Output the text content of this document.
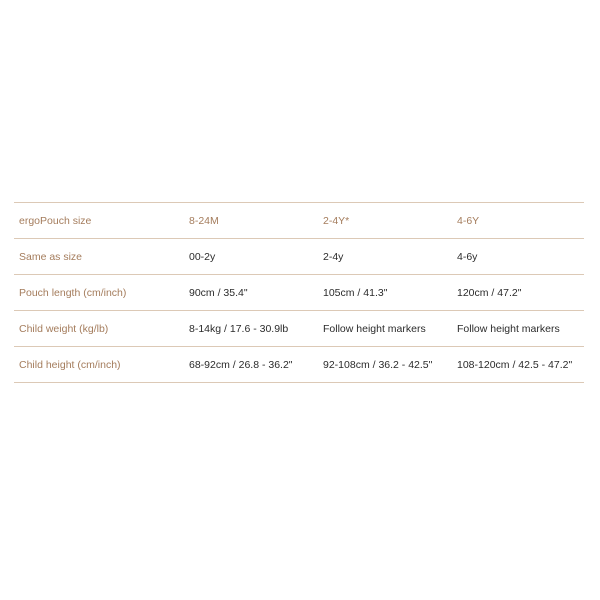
ergoPouch size	8-24M	2-4Y*	4-6Y
Same as size	00-2y	2-4y	4-6y
Pouch length (cm/inch)	90cm / 35.4"	105cm / 41.3"	120cm / 47.2"
Child weight (kg/lb)	8-14kg / 17.6 - 30.9lb	Follow height markers	Follow height markers
Child height (cm/inch)	68-92cm / 26.8 - 36.2"	92-108cm / 36.2 - 42.5"	108-120cm / 42.5 - 47.2"
